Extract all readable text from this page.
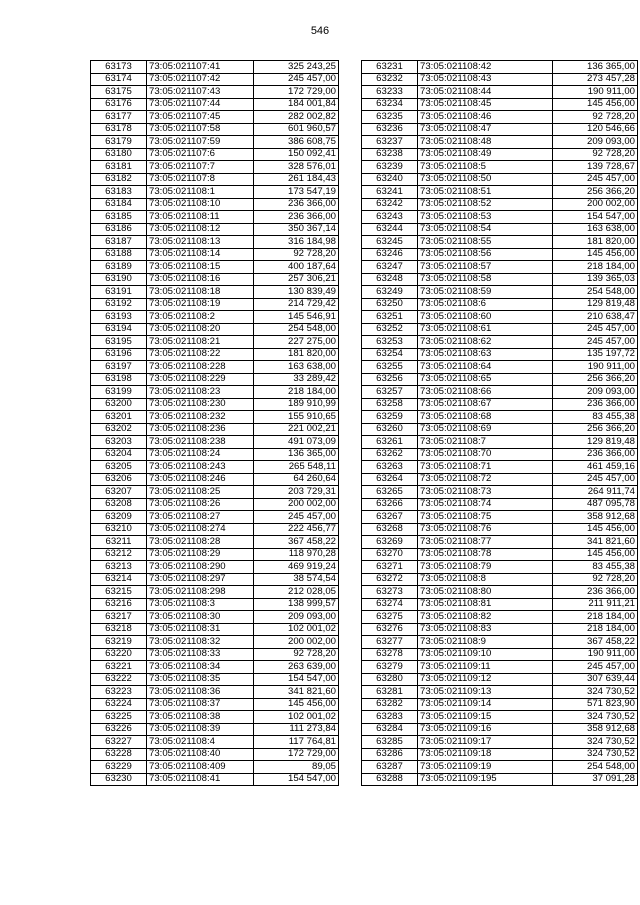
546
63173	73:05:021107:41	325 243,25
63174	73:05:021107:42	245 457,00
63175	73:05:021107:43	172 729,00
63176	73:05:021107:44	184 001,84
63177	73:05:021107:45	282 002,82
63178	73:05:021107:58	601 960,57
63179	73:05:021107:59	386 608,75
63180	73:05:021107:6	150 092,41
63181	73:05:021107:7	328 576,01
63182	73:05:021107:8	261 184,43
63183	73:05:021108:1	173 547,19
63184	73:05:021108:10	236 366,00
63185	73:05:021108:11	236 366,00
63186	73:05:021108:12	350 367,14
63187	73:05:021108:13	316 184,98
63188	73:05:021108:14	92 728,20
63189	73:05:021108:15	400 187,64
63190	73:05:021108:16	257 306,21
63191	73:05:021108:18	130 839,49
63192	73:05:021108:19	214 729,42
63193	73:05:021108:2	145 546,91
63194	73:05:021108:20	254 548,00
63195	73:05:021108:21	227 275,00
63196	73:05:021108:22	181 820,00
63197	73:05:021108:228	163 638,00
63198	73:05:021108:229	33 289,42
63199	73:05:021108:23	218 184,00
63200	73:05:021108:230	189 910,99
63201	73:05:021108:232	155 910,65
63202	73:05:021108:236	221 002,21
63203	73:05:021108:238	491 073,09
63204	73:05:021108:24	136 365,00
63205	73:05:021108:243	265 548,11
63206	73:05:021108:246	64 260,64
63207	73:05:021108:25	203 729,31
63208	73:05:021108:26	200 002,00
63209	73:05:021108:27	245 457,00
63210	73:05:021108:274	222 456,77
63211	73:05:021108:28	367 458,22
63212	73:05:021108:29	118 970,28
63213	73:05:021108:290	469 919,24
63214	73:05:021108:297	38 574,54
63215	73:05:021108:298	212 028,05
63216	73:05:021108:3	138 999,57
63217	73:05:021108:30	209 093,00
63218	73:05:021108:31	102 001,02
63219	73:05:021108:32	200 002,00
63220	73:05:021108:33	92 728,20
63221	73:05:021108:34	263 639,00
63222	73:05:021108:35	154 547,00
63223	73:05:021108:36	341 821,60
63224	73:05:021108:37	145 456,00
63225	73:05:021108:38	102 001,02
63226	73:05:021108:39	111 273,84
63227	73:05:021108:4	117 764,81
63228	73:05:021108:40	172 729,00
63229	73:05:021108:409	89,05
63230	73:05:021108:41	154 547,00
63231	73:05:021108:42	136 365,00
63232	73:05:021108:43	273 457,28
63233	73:05:021108:44	190 911,00
63234	73:05:021108:45	145 456,00
63235	73:05:021108:46	92 728,20
63236	73:05:021108:47	120 546,66
63237	73:05:021108:48	209 093,00
63238	73:05:021108:49	92 728,20
63239	73:05:021108:5	139 728,67
63240	73:05:021108:50	245 457,00
63241	73:05:021108:51	256 366,20
63242	73:05:021108:52	200 002,00
63243	73:05:021108:53	154 547,00
63244	73:05:021108:54	163 638,00
63245	73:05:021108:55	181 820,00
63246	73:05:021108:56	145 456,00
63247	73:05:021108:57	218 184,00
63248	73:05:021108:58	139 365,03
63249	73:05:021108:59	254 548,00
63250	73:05:021108:6	129 819,48
63251	73:05:021108:60	210 638,47
63252	73:05:021108:61	245 457,00
63253	73:05:021108:62	245 457,00
63254	73:05:021108:63	135 197,72
63255	73:05:021108:64	190 911,00
63256	73:05:021108:65	256 366,20
63257	73:05:021108:66	209 093,00
63258	73:05:021108:67	236 366,00
63259	73:05:021108:68	83 455,38
63260	73:05:021108:69	256 366,20
63261	73:05:021108:7	129 819,48
63262	73:05:021108:70	236 366,00
63263	73:05:021108:71	461 459,16
63264	73:05:021108:72	245 457,00
63265	73:05:021108:73	264 911,74
63266	73:05:021108:74	487 095,78
63267	73:05:021108:75	358 912,68
63268	73:05:021108:76	145 456,00
63269	73:05:021108:77	341 821,60
63270	73:05:021108:78	145 456,00
63271	73:05:021108:79	83 455,38
63272	73:05:021108:8	92 728,20
63273	73:05:021108:80	236 366,00
63274	73:05:021108:81	211 911,21
63275	73:05:021108:82	218 184,00
63276	73:05:021108:83	218 184,00
63277	73:05:021108:9	367 458,22
63278	73:05:021109:10	190 911,00
63279	73:05:021109:11	245 457,00
63280	73:05:021109:12	307 639,44
63281	73:05:021109:13	324 730,52
63282	73:05:021109:14	571 823,90
63283	73:05:021109:15	324 730,52
63284	73:05:021109:16	358 912,68
63285	73:05:021109:17	324 730,52
63286	73:05:021109:18	324 730,52
63287	73:05:021109:19	254 548,00
63288	73:05:021109:195	37 091,28
